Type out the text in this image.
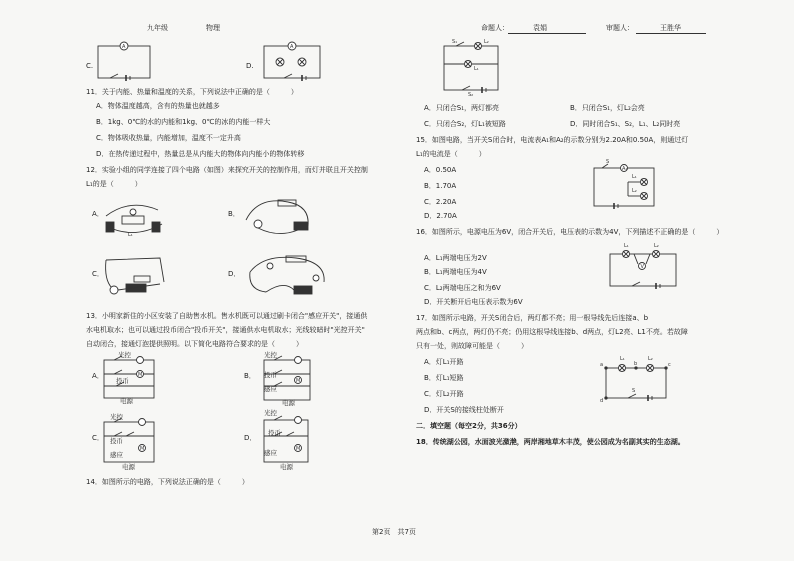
九年级	物理	命题人：	袁娟	审题人：	王胜华
C.
A
D.
A
11．关于内能、热量和温度的关系，下列说法中正确的是（　　　）
A．物体温度越高，含有的热量也就越多
B．1kg、0℃的水的内能和1kg、0℃的冰的内能一样大
C．物体吸收热量，内能增加，温度不一定升高
D．在热传递过程中，热量总是从内能大的物体向内能小的物体转移
12．实验小组的同学连接了四个电路（如图）来探究开关的控制作用，而灯并联且开关控制
L₁的是（　　　）
A．
L₁
B．
C．	D．
13．小明家新住的小区安装了自助售水机。售水机既可以通过刷卡闭合"感应开关"，接通供
水电机取水；也可以通过投币闭合"投币开关"，接通供水电机取水；光线较暗时"光控开关"
自动闭合，接通灯泡提供照明。以下简化电路符合要求的是（　　　）
A．	M
光控
投币
电源
B．
M
光控
投币
感应
电源
C．
M
光控
投币
感应
电源
D．
M
光控
投币
感应
电源
14．如图所示的电路，下列说法正确的是（　　　）
S₁	L₂
L₁
S₂
A．只闭合S₁，两灯都亮	B．只闭合S₁，灯L₂会亮
C．只闭合S₂，灯L₁被短路	D．同时闭合S₁、S₂，L₁、L₂同时亮
15．如图电路，当开关S闭合时，电流表A₁和A₂的示数分别为2.20A和0.50A，则通过灯
L₁的电流是（　　　）
A．0.50A
B．1.70A
C．2.20A
D．2.70A
A₁
S
L₁
L₂
16．如图所示，电源电压为6V，闭合开关后，电压表的示数为4V，下列描述不正确的是（　　　）
A．L₁两端电压为2V
B．L₁两端电压为4V
C．L₂两端电压之和为6V
D．开关断开后电压表示数为6V
L₁	L₂
V
17．如图所示电路，开关S闭合后，两灯都不亮；用一根导线先后连接a、b
两点和b、c两点，两灯仍不亮；仍用这根导线连接b、d两点，灯L2亮、L1不亮。若故障
只有一处，则故障可能是（　　　）
A．灯L₁开路
B．灯L₁短路
C．灯L₂开路
D．开关S的接线柱处断开
L₁	L₂
a	b	c
d
S
二．填空题（每空2分，共36分）
18．传统湖公园，水面波光潋滟，两岸湘地草木丰茂，使公园成为名副其实的生态湖。
第2页　共7页
